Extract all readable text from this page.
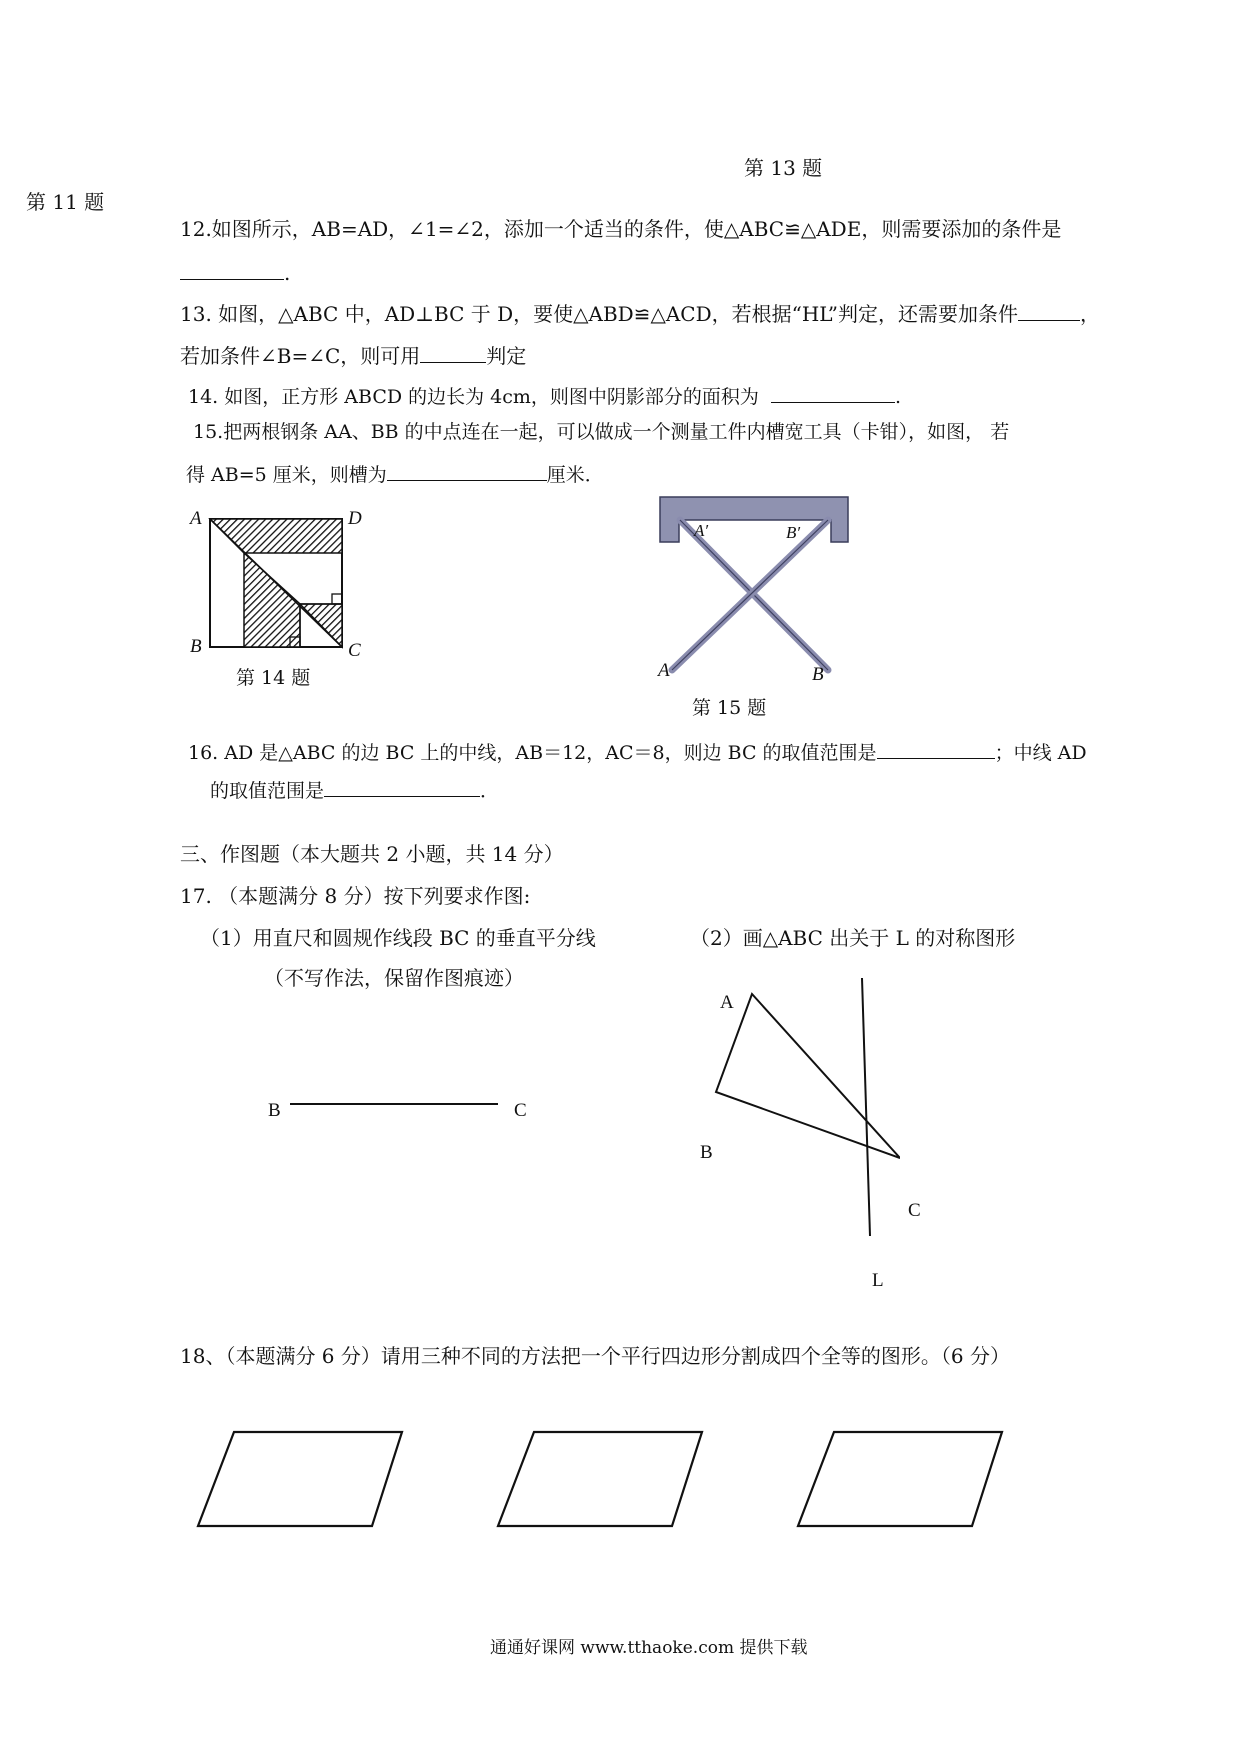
第 13 题
第 11 题
12.如图所示，AB=AD，∠1=∠2，添加一个适当的条件，使△ABC≌△ADE，则需要添加的条件是
.
13. 如图，△ABC 中，AD⊥BC 于 D，要使△ABD≌△ACD，若根据“HL”判定，还需要加条件	，
若加条件∠B=∠C，则可用	判定
14. 如图，正方形 ABCD 的边长为 4cm，则图中阴影部分的面积为	.
15.把两根钢条 AA、BB 的中点连在一起，可以做成一个测量工件内槽宽工具（卡钳），如图， 若
得 AB=5 厘米，则槽为	厘米．
A	D
B	C
第 14 题
A′	B′
A	B
第 15 题
16. AD 是△ABC 的边 BC 上的中线，AB＝12，AC＝8，则边 BC 的取值范围是	；中线 AD
的取值范围是	．
三、作图题（本大题共 2 小题，共 14 分）
17. （本题满分 8 分）按下列要求作图:
（1）用直尺和圆规作线段 BC 的垂直平分线
（不写作法，保留作图痕迹）
（2）画△ABC 出关于 L 的对称图形
B	C
A
B
C
L
18、（本题满分 6 分）请用三种不同的方法把一个平行四边形分割成四个全等的图形。（6 分）
通通好课网 www.tthaoke.com 提供下载
